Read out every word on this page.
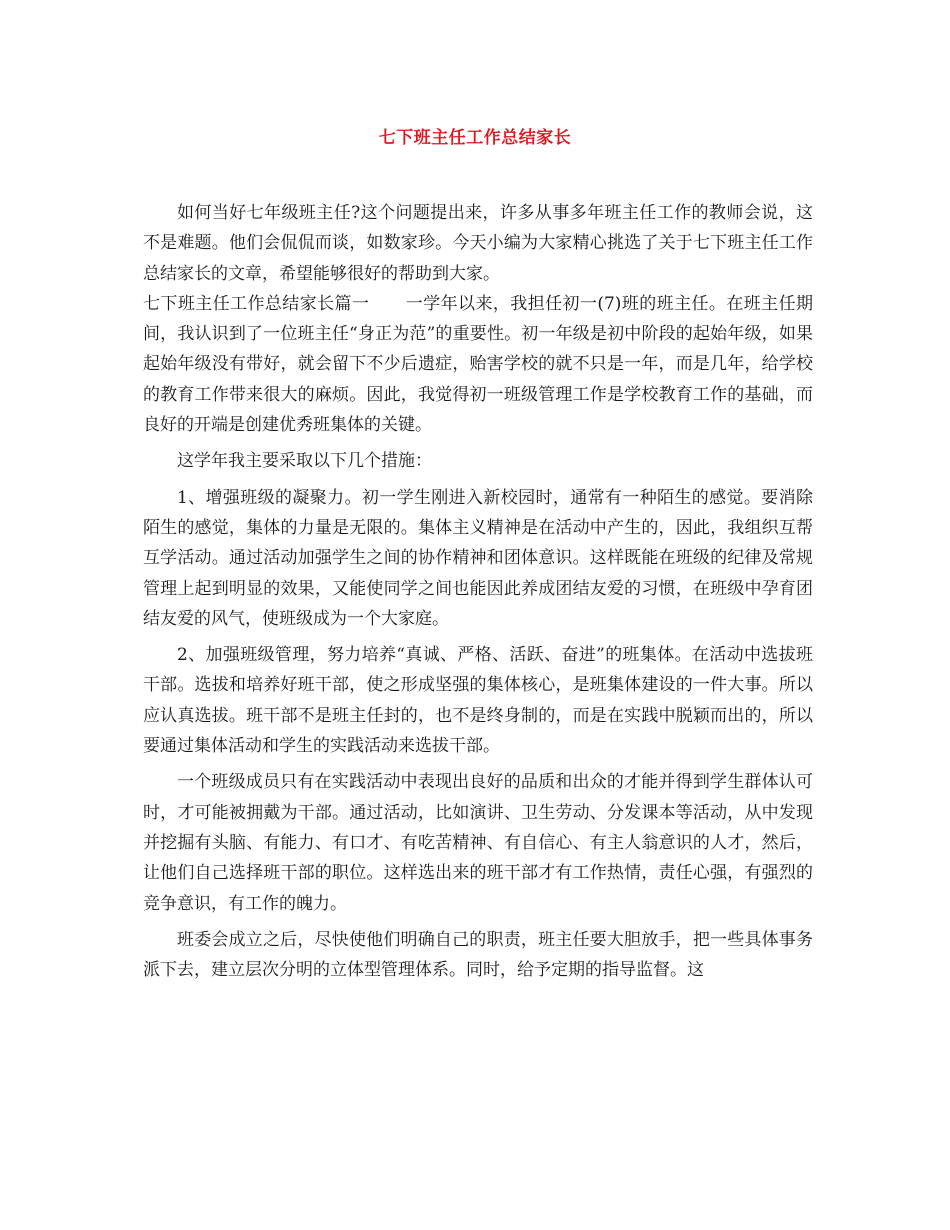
七下班主任工作总结家长

如何当好七年级班主任?这个问题提出来，许多从事多年班主任工作的教师会说，这不是难题。他们会侃侃而谈，如数家珍。今天小编为大家精心挑选了关于七下班主任工作总结家长的文章，希望能够很好的帮助到大家。

七下班主任工作总结家长篇一 一学年以来，我担任初一(7)班的班主任。在班主任期间，我认识到了一位班主任“身正为范”的重要性。初一年级是初中阶段的起始年级，如果起始年级没有带好，就会留下不少后遗症，贻害学校的就不只是一年，而是几年，给学校的教育工作带来很大的麻烦。因此，我觉得初一班级管理工作是学校教育工作的基础，而良好的开端是创建优秀班集体的关键。

这学年我主要采取以下几个措施：

1、增强班级的凝聚力。初一学生刚进入新校园时，通常有一种陌生的感觉。要消除陌生的感觉，集体的力量是无限的。集体主义精神是在活动中产生的，因此，我组织互帮互学活动。通过活动加强学生之间的协作精神和团体意识。这样既能在班级的纪律及常规管理上起到明显的效果，又能使同学之间也能因此养成团结友爱的习惯，在班级中孕育团结友爱的风气，使班级成为一个大家庭。

2、加强班级管理，努力培养“真诚、严格、活跃、奋进”的班集体。在活动中选拔班干部。选拔和培养好班干部，使之形成坚强的集体核心，是班集体建设的一件大事。所以应认真选拔。班干部不是班主任封的，也不是终身制的，而是在实践中脱颖而出的，所以要通过集体活动和学生的实践活动来选拔干部。

一个班级成员只有在实践活动中表现出良好的品质和出众的才能并得到学生群体认可时，才可能被拥戴为干部。通过活动，比如演讲、卫生劳动、分发课本等活动，从中发现并挖掘有头脑、有能力、有口才、有吃苦精神、有自信心、有主人翁意识的人才，然后，让他们自己选择班干部的职位。这样选出来的班干部才有工作热情，责任心强，有强烈的竞争意识，有工作的魄力。

班委会成立之后，尽快使他们明确自己的职责，班主任要大胆放手，把一些具体事务派下去，建立层次分明的立体型管理体系。同时，给予定期的指导监督。这
